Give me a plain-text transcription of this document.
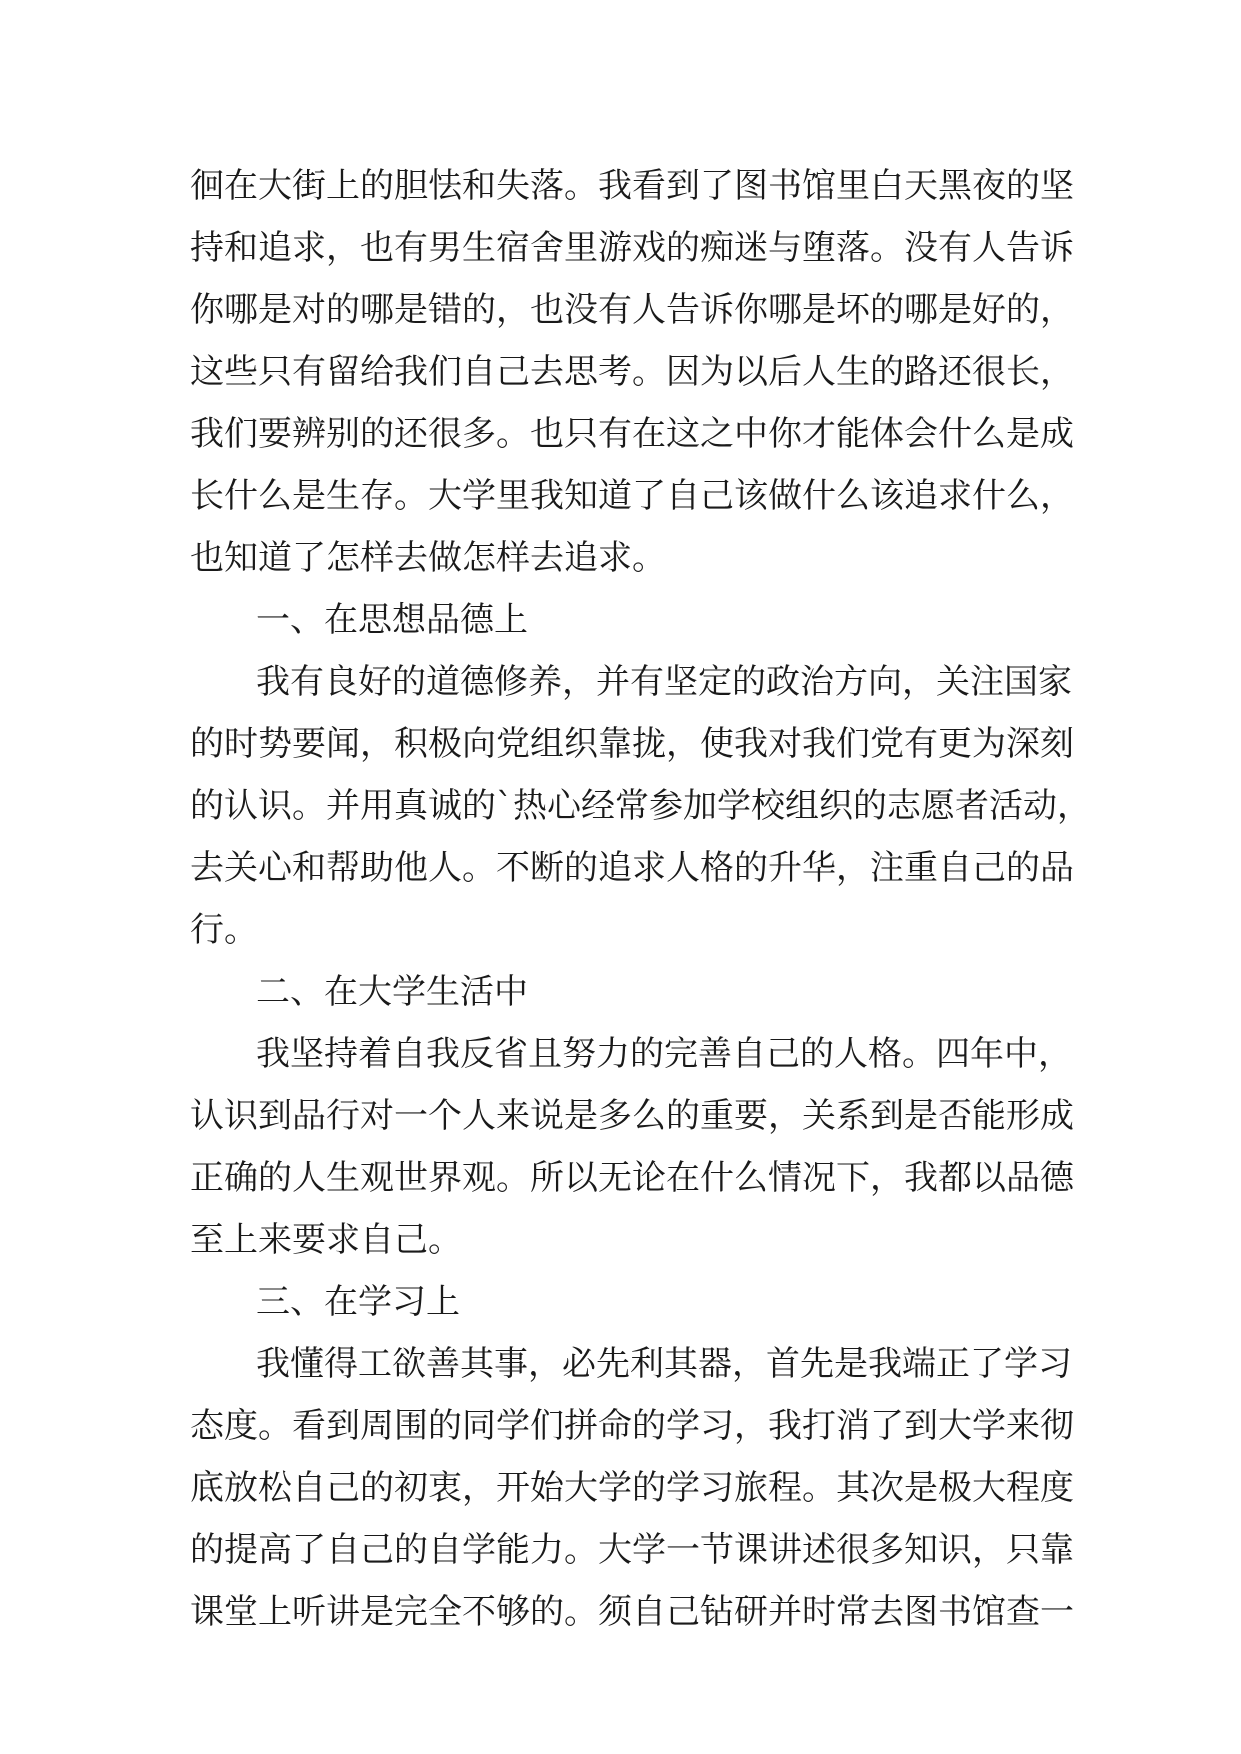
徊在大街上的胆怯和失落。我看到了图书馆里白天黑夜的坚
持和追求，也有男生宿舍里游戏的痴迷与堕落。没有人告诉
你哪是对的哪是错的，也没有人告诉你哪是坏的哪是好的，
这些只有留给我们自己去思考。因为以后人生的路还很长，
我们要辨别的还很多。也只有在这之中你才能体会什么是成
长什么是生存。大学里我知道了自己该做什么该追求什么，
也知道了怎样去做怎样去追求。
一、在思想品德上
我有良好的道德修养，并有坚定的政治方向，关注国家
的时势要闻，积极向党组织靠拢，使我对我们党有更为深刻
的认识。并用真诚的`热心经常参加学校组织的志愿者活动，
去关心和帮助他人。不断的追求人格的升华，注重自己的品
行。
二、在大学生活中
我坚持着自我反省且努力的完善自己的人格。四年中，
认识到品行对一个人来说是多么的重要，关系到是否能形成
正确的人生观世界观。所以无论在什么情况下，我都以品德
至上来要求自己。
三、在学习上
我懂得工欲善其事，必先利其器，首先是我端正了学习
态度。看到周围的同学们拼命的学习，我打消了到大学来彻
底放松自己的初衷，开始大学的学习旅程。其次是极大程度
的提高了自己的自学能力。大学一节课讲述很多知识，只靠
课堂上听讲是完全不够的。须自己钻研并时常去图书馆查一
